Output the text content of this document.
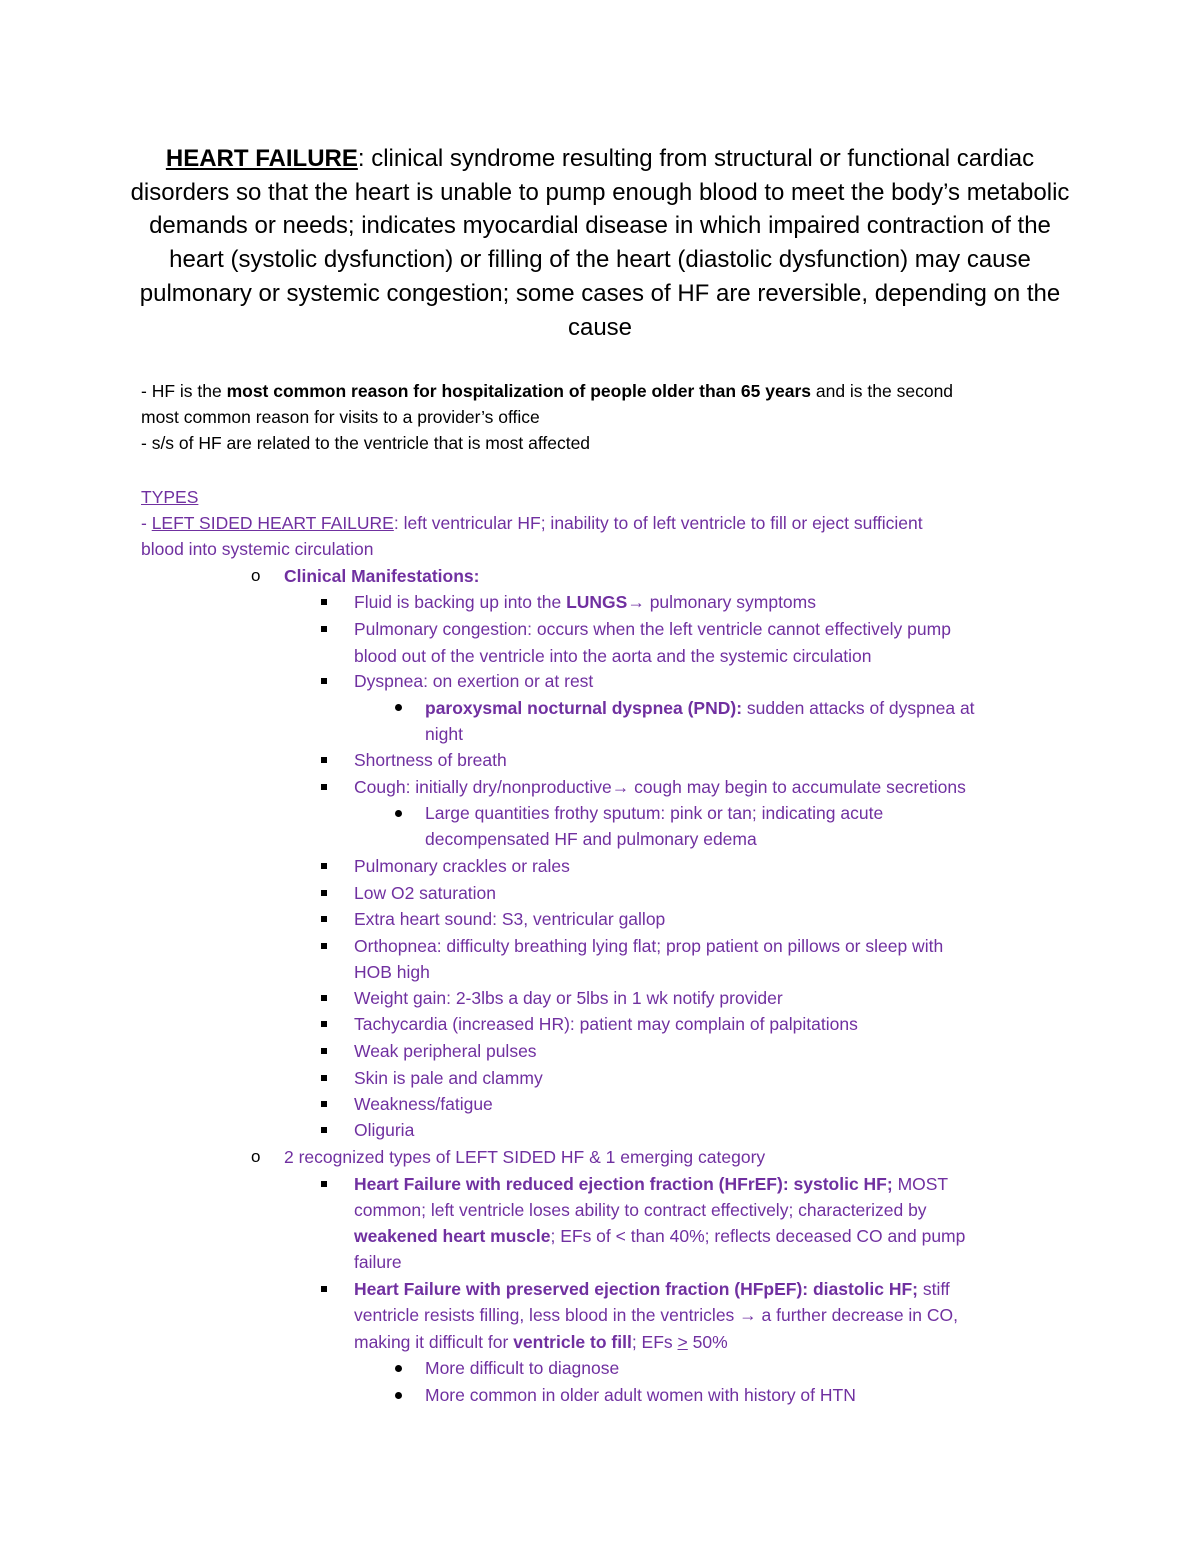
HEART FAILURE: clinical syndrome resulting from structural or functional cardiac disorders so that the heart is unable to pump enough blood to meet the body’s metabolic demands or needs; indicates myocardial disease in which impaired contraction of the heart (systolic dysfunction) or filling of the heart (diastolic dysfunction) may cause pulmonary or systemic congestion; some cases of HF are reversible, depending on the cause
- HF is the most common reason for hospitalization of people older than 65 years and is the second
most common reason for visits to a provider’s office
- s/s of HF are related to the ventricle that is most affected
TYPES
- LEFT SIDED HEART FAILURE: left ventricular HF; inability to of left ventricle to fill or eject sufficient
blood into systemic circulation
o Clinical Manifestations:
Fluid is backing up into the LUNGS→ pulmonary symptoms
Pulmonary congestion: occurs when the left ventricle cannot effectively pump
blood out of the ventricle into the aorta and the systemic circulation
Dyspnea: on exertion or at rest
paroxysmal nocturnal dyspnea (PND): sudden attacks of dyspnea at
night
Shortness of breath
Cough: initially dry/nonproductive→ cough may begin to accumulate secretions
Large quantities frothy sputum: pink or tan; indicating acute
decompensated HF and pulmonary edema
Pulmonary crackles or rales
Low O2 saturation
Extra heart sound: S3, ventricular gallop
Orthopnea: difficulty breathing lying flat; prop patient on pillows or sleep with
HOB high
Weight gain: 2-3lbs a day or 5lbs in 1 wk notify provider
Tachycardia (increased HR): patient may complain of palpitations
Weak peripheral pulses
Skin is pale and clammy
Weakness/fatigue
Oliguria
o 2 recognized types of LEFT SIDED HF & 1 emerging category
Heart Failure with reduced ejection fraction (HFrEF): systolic HF; MOST
common; left ventricle loses ability to contract effectively; characterized by
weakened heart muscle; EFs of < than 40%; reflects deceased CO and pump
failure
Heart Failure with preserved ejection fraction (HFpEF): diastolic HF; stiff
ventricle resists filling, less blood in the ventricles → a further decrease in CO,
making it difficult for ventricle to fill; EFs > 50%
More difficult to diagnose
More common in older adult women with history of HTN
